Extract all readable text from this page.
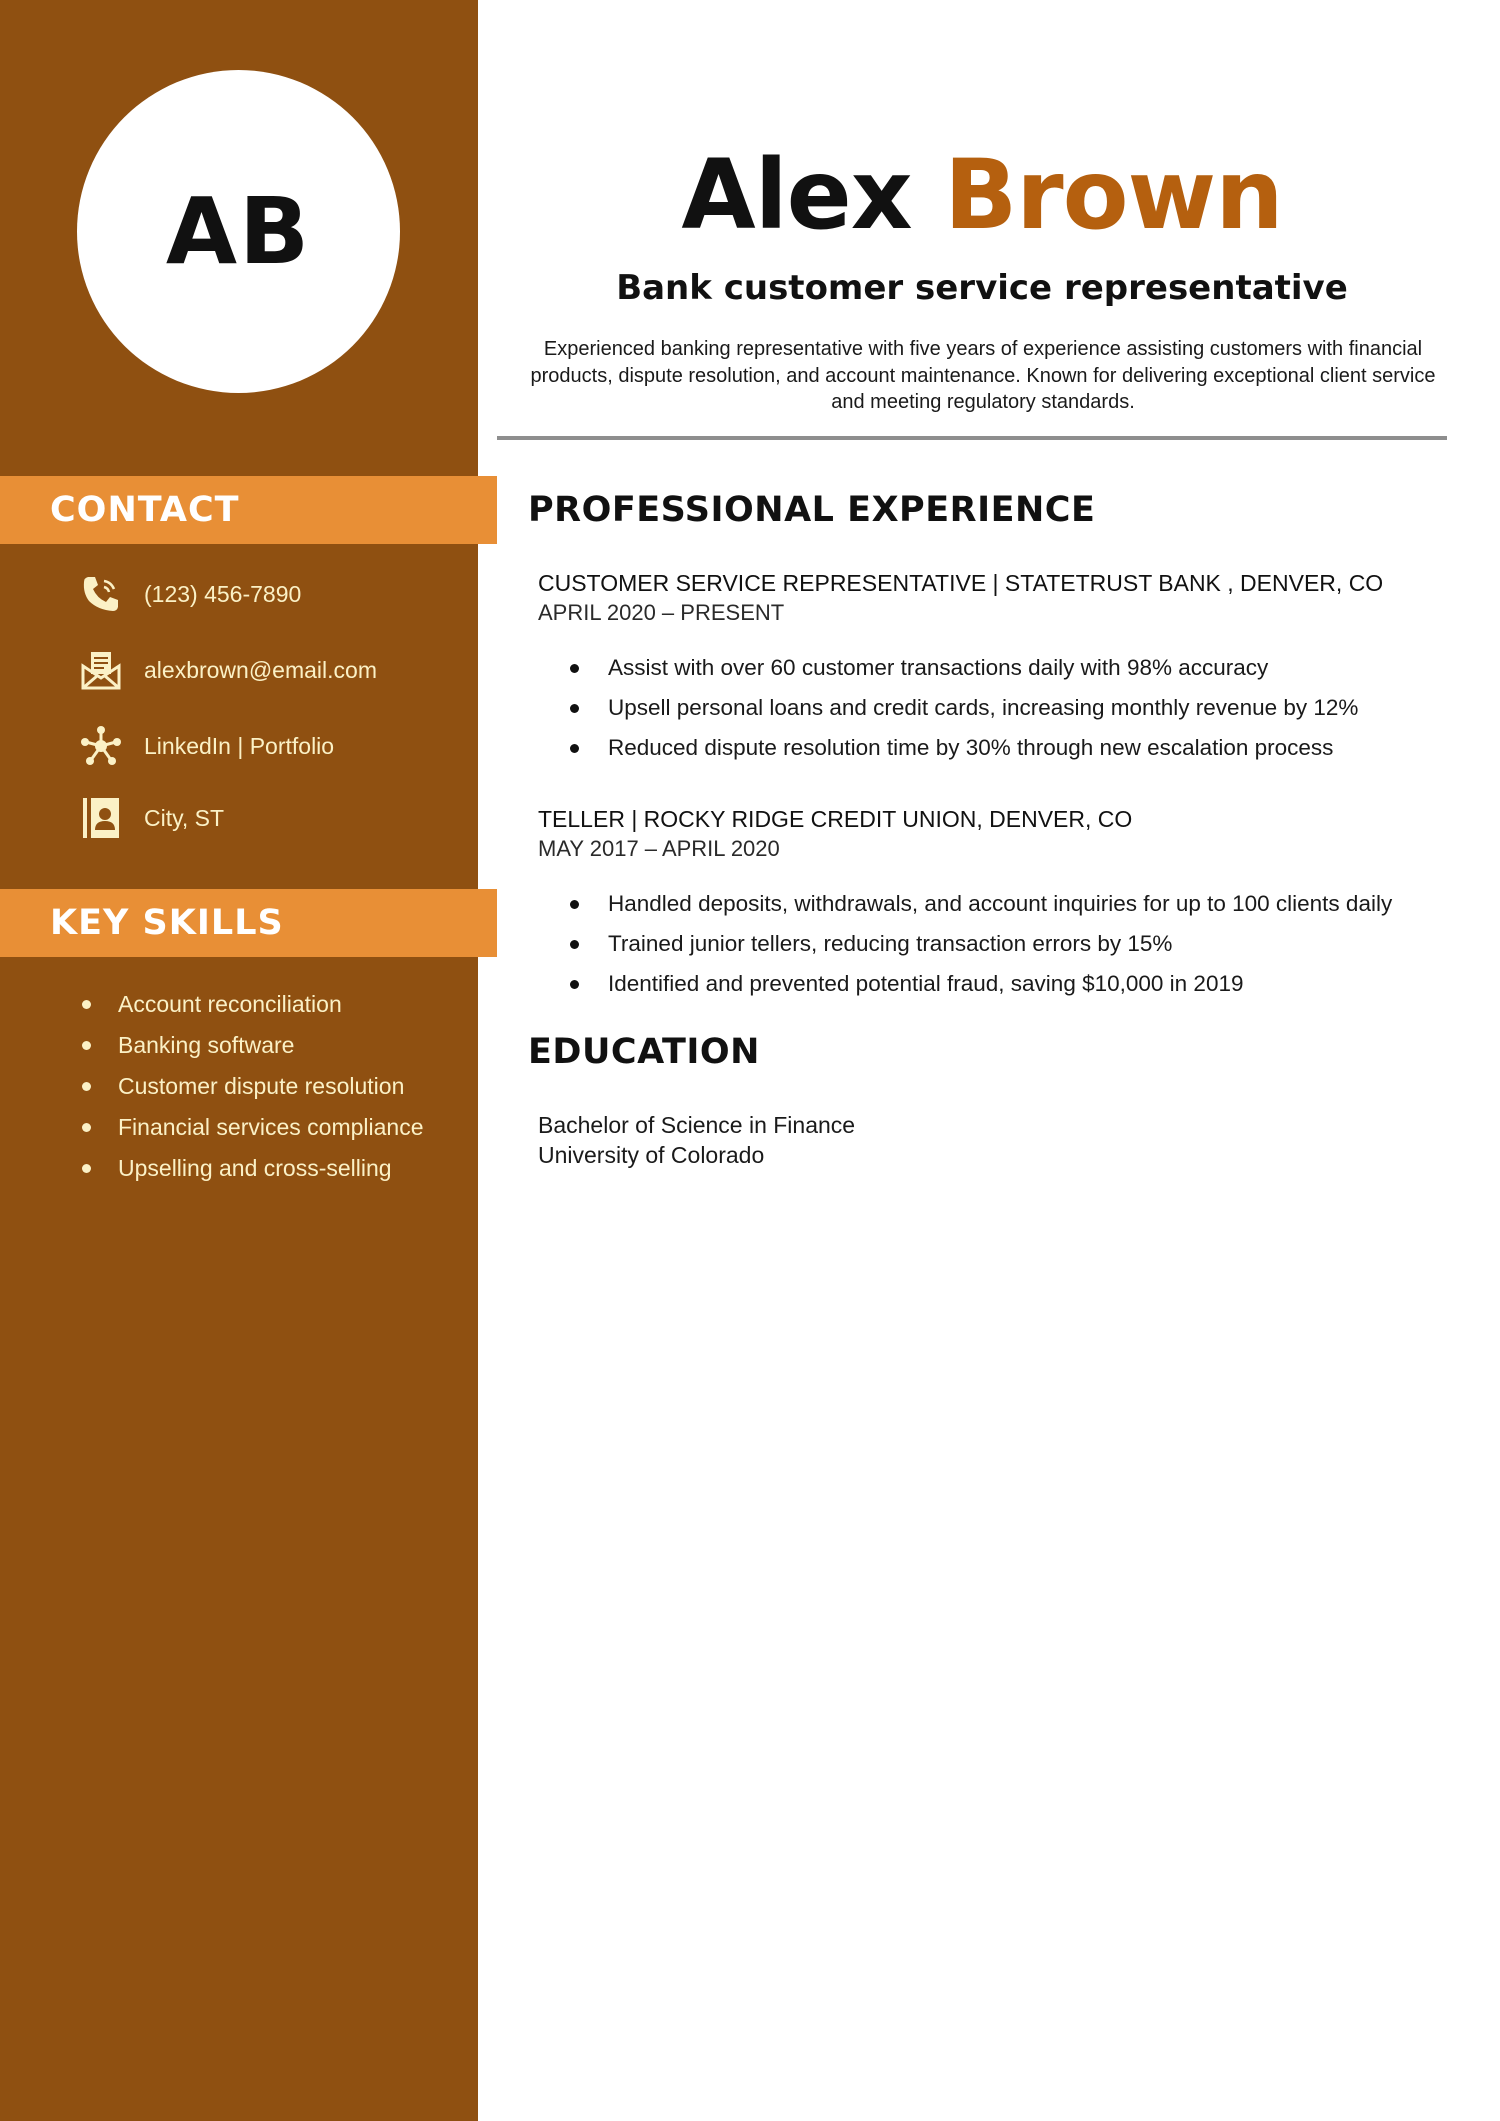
AB
CONTACT
(123) 456-7890
alexbrown@email.com
LinkedIn | Portfolio
City, ST
KEY SKILLS
Account reconciliation
Banking software
Customer dispute resolution
Financial services compliance
Upselling and cross-selling
Alex Brown
Bank customer service representative
Experienced banking representative with five years of experience assisting customers with financial products, dispute resolution, and account maintenance. Known for delivering exceptional client service and meeting regulatory standards.
PROFESSIONAL EXPERIENCE
CUSTOMER SERVICE REPRESENTATIVE | STATETRUST BANK , DENVER, CO
APRIL 2020 – PRESENT
Assist with over 60 customer transactions daily with 98% accuracy
Upsell personal loans and credit cards, increasing monthly revenue by 12%
Reduced dispute resolution time by 30% through new escalation process
TELLER | ROCKY RIDGE CREDIT UNION, DENVER, CO
MAY 2017 – APRIL 2020
Handled deposits, withdrawals, and account inquiries for up to 100 clients daily
Trained junior tellers, reducing transaction errors by 15%
Identified and prevented potential fraud, saving $10,000 in 2019
EDUCATION
Bachelor of Science in Finance
University of Colorado
